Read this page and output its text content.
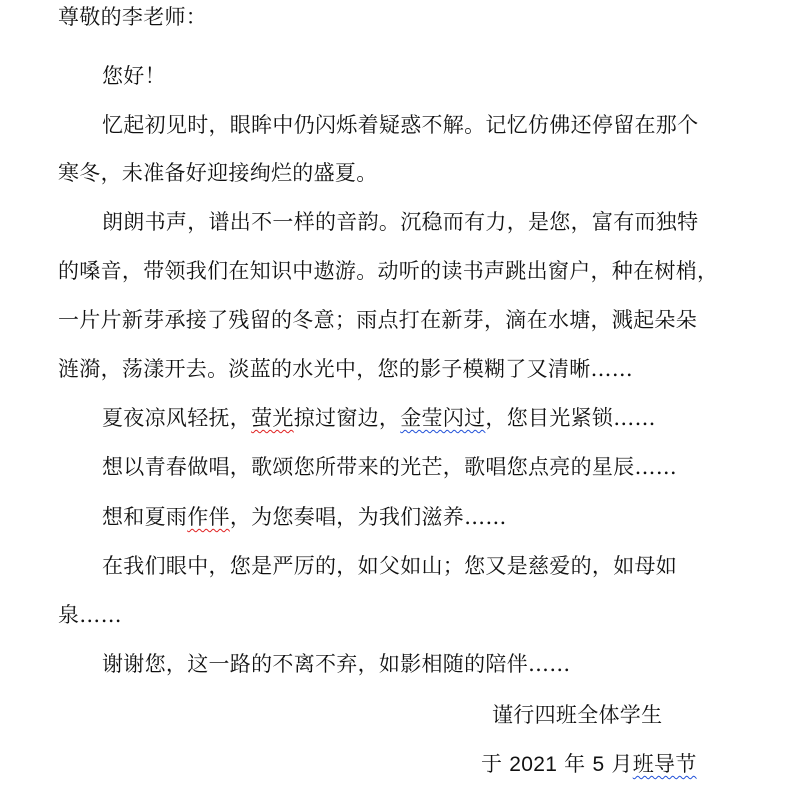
尊敬的李老师：
您好！
忆起初见时，眼眸中仍闪烁着疑惑不解。记忆仿佛还停留在那个
寒冬，未准备好迎接绚烂的盛夏。
朗朗书声，谱出不一样的音韵。沉稳而有力，是您，富有而独特
的嗓音，带领我们在知识中遨游。动听的读书声跳出窗户，种在树梢，
一片片新芽承接了残留的冬意；雨点打在新芽，滴在水塘，溅起朵朵
涟漪，荡漾开去。淡蓝的水光中，您的影子模糊了又清晰……
夏夜凉风轻抚，萤光掠过窗边，金莹闪过，您目光紧锁……
想以青春做唱，歌颂您所带来的光芒，歌唱您点亮的星辰……
想和夏雨作伴，为您奏唱，为我们滋养……
在我们眼中，您是严厉的，如父如山；您又是慈爱的，如母如
泉……
谢谢您，这一路的不离不弃，如影相随的陪伴……
谨行四班全体学生
于 2021 年 5 月班导节
